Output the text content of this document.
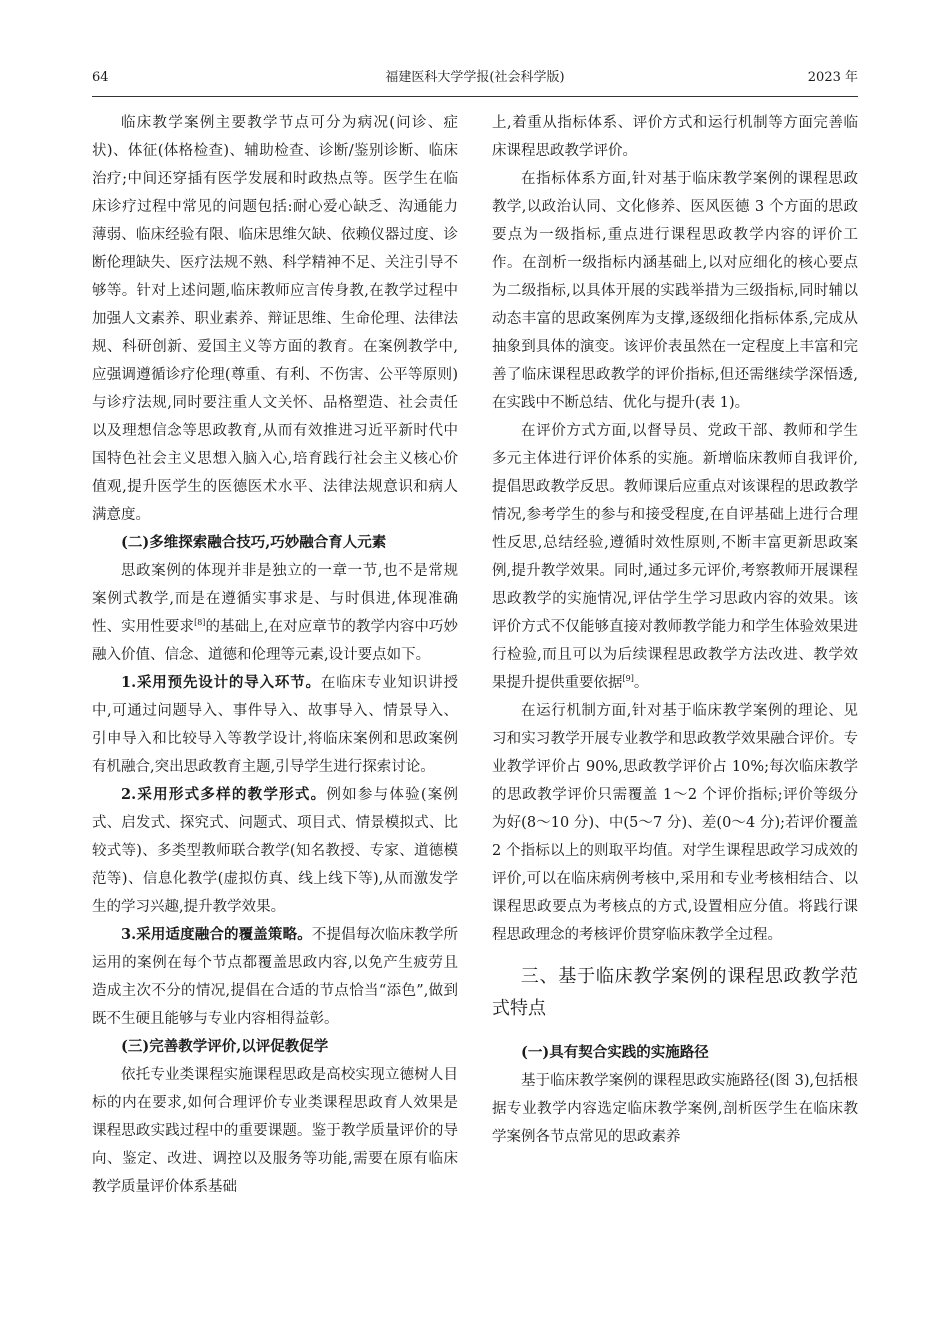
64	福建医科大学学报(社会科学版)	2023 年

临床教学案例主要教学节点可分为病况(问诊、症状)、体征(体格检查)、辅助检查、诊断/鉴别诊断、临床治疗;中间还穿插有医学发展和时政热点等。医学生在临床诊疗过程中常见的问题包括:耐心爱心缺乏、沟通能力薄弱、临床经验有限、临床思维欠缺、依赖仪器过度、诊断伦理缺失、医疗法规不熟、科学精神不足、关注引导不够等。针对上述问题,临床教师应言传身教,在教学过程中加强人文素养、职业素养、辩证思维、生命伦理、法律法规、科研创新、爱国主义等方面的教育。在案例教学中,应强调遵循诊疗伦理(尊重、有利、不伤害、公平等原则)与诊疗法规,同时要注重人文关怀、品格塑造、社会责任以及理想信念等思政教育,从而有效推进习近平新时代中国特色社会主义思想入脑入心,培育践行社会主义核心价值观,提升医学生的医德医术水平、法律法规意识和病人满意度。

(二)多维探索融合技巧,巧妙融合育人元素

思政案例的体现并非是独立的一章一节,也不是常规案例式教学,而是在遵循实事求是、与时俱进,体现准确性、实用性要求[8]的基础上,在对应章节的教学内容中巧妙融入价值、信念、道德和伦理等元素,设计要点如下。

1.采用预先设计的导入环节。在临床专业知识讲授中,可通过问题导入、事件导入、故事导入、情景导入、引申导入和比较导入等教学设计,将临床案例和思政案例有机融合,突出思政教育主题,引导学生进行探索讨论。

2.采用形式多样的教学形式。例如参与体验(案例式、启发式、探究式、问题式、项目式、情景模拟式、比较式等)、多类型教师联合教学(知名教授、专家、道德模范等)、信息化教学(虚拟仿真、线上线下等),从而激发学生的学习兴趣,提升教学效果。

3.采用适度融合的覆盖策略。不提倡每次临床教学所运用的案例在每个节点都覆盖思政内容,以免产生疲劳且造成主次不分的情况,提倡在合适的节点恰当“添色”,做到既不生硬且能够与专业内容相得益彰。

(三)完善教学评价,以评促教促学

依托专业类课程实施课程思政是高校实现立德树人目标的内在要求,如何合理评价专业类课程思政育人效果是课程思政实践过程中的重要课题。鉴于教学质量评价的导向、鉴定、改进、调控以及服务等功能,需要在原有临床教学质量评价体系基础

上,着重从指标体系、评价方式和运行机制等方面完善临床课程思政教学评价。

在指标体系方面,针对基于临床教学案例的课程思政教学,以政治认同、文化修养、医风医德 3 个方面的思政要点为一级指标,重点进行课程思政教学内容的评价工作。在剖析一级指标内涵基础上,以对应细化的核心要点为二级指标,以具体开展的实践举措为三级指标,同时辅以动态丰富的思政案例库为支撑,逐级细化指标体系,完成从抽象到具体的演变。该评价表虽然在一定程度上丰富和完善了临床课程思政教学的评价指标,但还需继续学深悟透,在实践中不断总结、优化与提升(表 1)。

在评价方式方面,以督导员、党政干部、教师和学生多元主体进行评价体系的实施。新增临床教师自我评价,提倡思政教学反思。教师课后应重点对该课程的思政教学情况,参考学生的参与和接受程度,在自评基础上进行合理性反思,总结经验,遵循时效性原则,不断丰富更新思政案例,提升教学效果。同时,通过多元评价,考察教师开展课程思政教学的实施情况,评估学生学习思政内容的效果。该评价方式不仅能够直接对教师教学能力和学生体验效果进行检验,而且可以为后续课程思政教学方法改进、教学效果提升提供重要依据[9]。

在运行机制方面,针对基于临床教学案例的理论、见习和实习教学开展专业教学和思政教学效果融合评价。专业教学评价占 90%,思政教学评价占 10%;每次临床教学的思政教学评价只需覆盖 1～2 个评价指标;评价等级分为好(8～10 分)、中(5～7 分)、差(0～4 分);若评价覆盖 2 个指标以上的则取平均值。对学生课程思政学习成效的评价,可以在临床病例考核中,采用和专业考核相结合、以课程思政要点为考核点的方式,设置相应分值。将践行课程思政理念的考核评价贯穿临床教学全过程。

三、基于临床教学案例的课程思政教学范式特点

(一)具有契合实践的实施路径

基于临床教学案例的课程思政实施路径(图 3),包括根据专业教学内容选定临床教学案例,剖析医学生在临床教学案例各节点常见的思政素养
